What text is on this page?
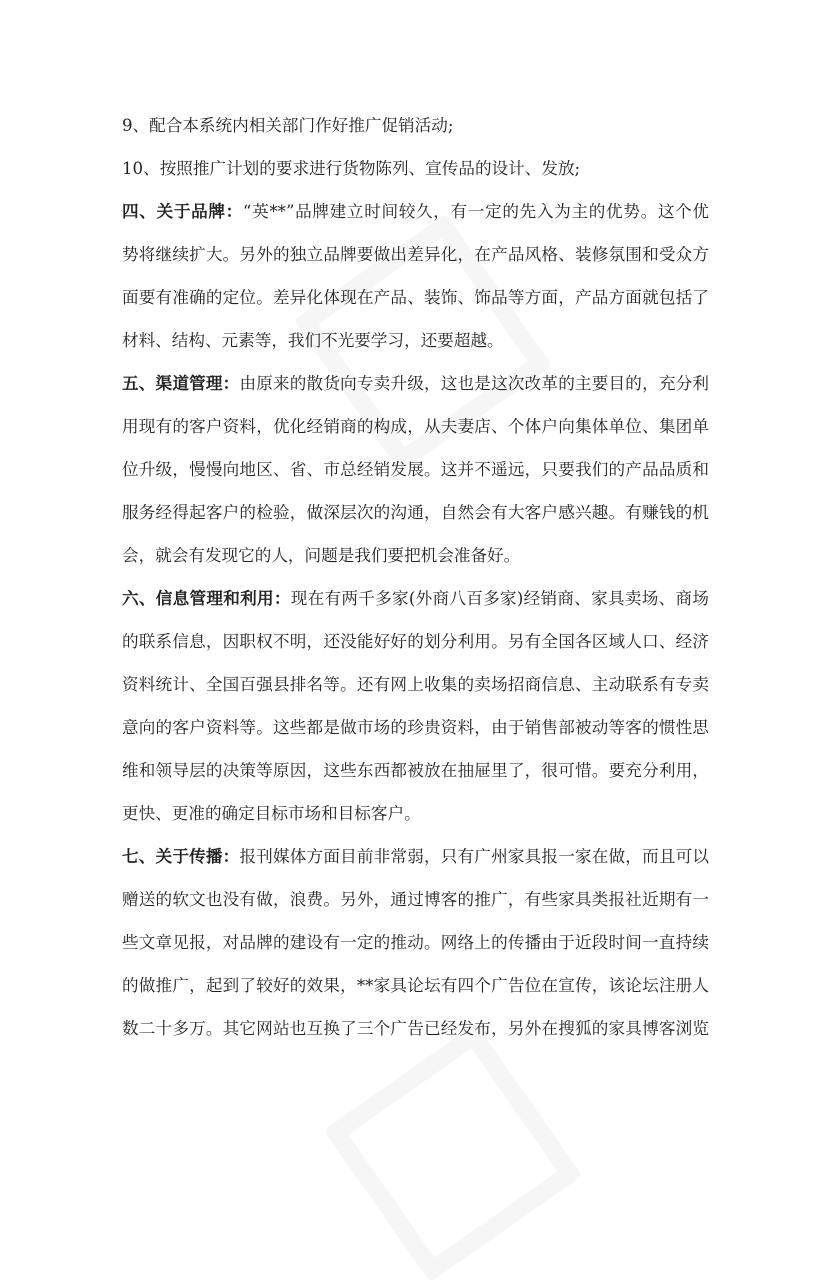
9、配合本系统内相关部门作好推广促销活动;
10、按照推广计划的要求进行货物陈列、宣传品的设计、发放;
四、关于品牌：“英**”品牌建立时间较久，有一定的先入为主的优势。这个优
势将继续扩大。另外的独立品牌要做出差异化，在产品风格、装修氛围和受众方
面要有准确的定位。差异化体现在产品、装饰、饰品等方面，产品方面就包括了
材料、结构、元素等，我们不光要学习，还要超越。
五、渠道管理：由原来的散货向专卖升级，这也是这次改革的主要目的，充分利
用现有的客户资料，优化经销商的构成，从夫妻店、个体户向集体单位、集团单
位升级，慢慢向地区、省、市总经销发展。这并不遥远，只要我们的产品品质和
服务经得起客户的检验，做深层次的沟通，自然会有大客户感兴趣。有赚钱的机
会，就会有发现它的人，问题是我们要把机会准备好。
六、信息管理和利用：现在有两千多家(外商八百多家)经销商、家具卖场、商场
的联系信息，因职权不明，还没能好好的划分利用。另有全国各区域人口、经济
资料统计、全国百强县排名等。还有网上收集的卖场招商信息、主动联系有专卖
意向的客户资料等。这些都是做市场的珍贵资料，由于销售部被动等客的惯性思
维和领导层的决策等原因，这些东西都被放在抽屉里了，很可惜。要充分利用，
更快、更准的确定目标市场和目标客户。
七、关于传播：报刊媒体方面目前非常弱，只有广州家具报一家在做，而且可以
赠送的软文也没有做，浪费。另外，通过博客的推广，有些家具类报社近期有一
些文章见报，对品牌的建设有一定的推动。网络上的传播由于近段时间一直持续
的做推广，起到了较好的效果，**家具论坛有四个广告位在宣传，该论坛注册人
数二十多万。其它网站也互换了三个广告已经发布，另外在搜狐的家具博客浏览
